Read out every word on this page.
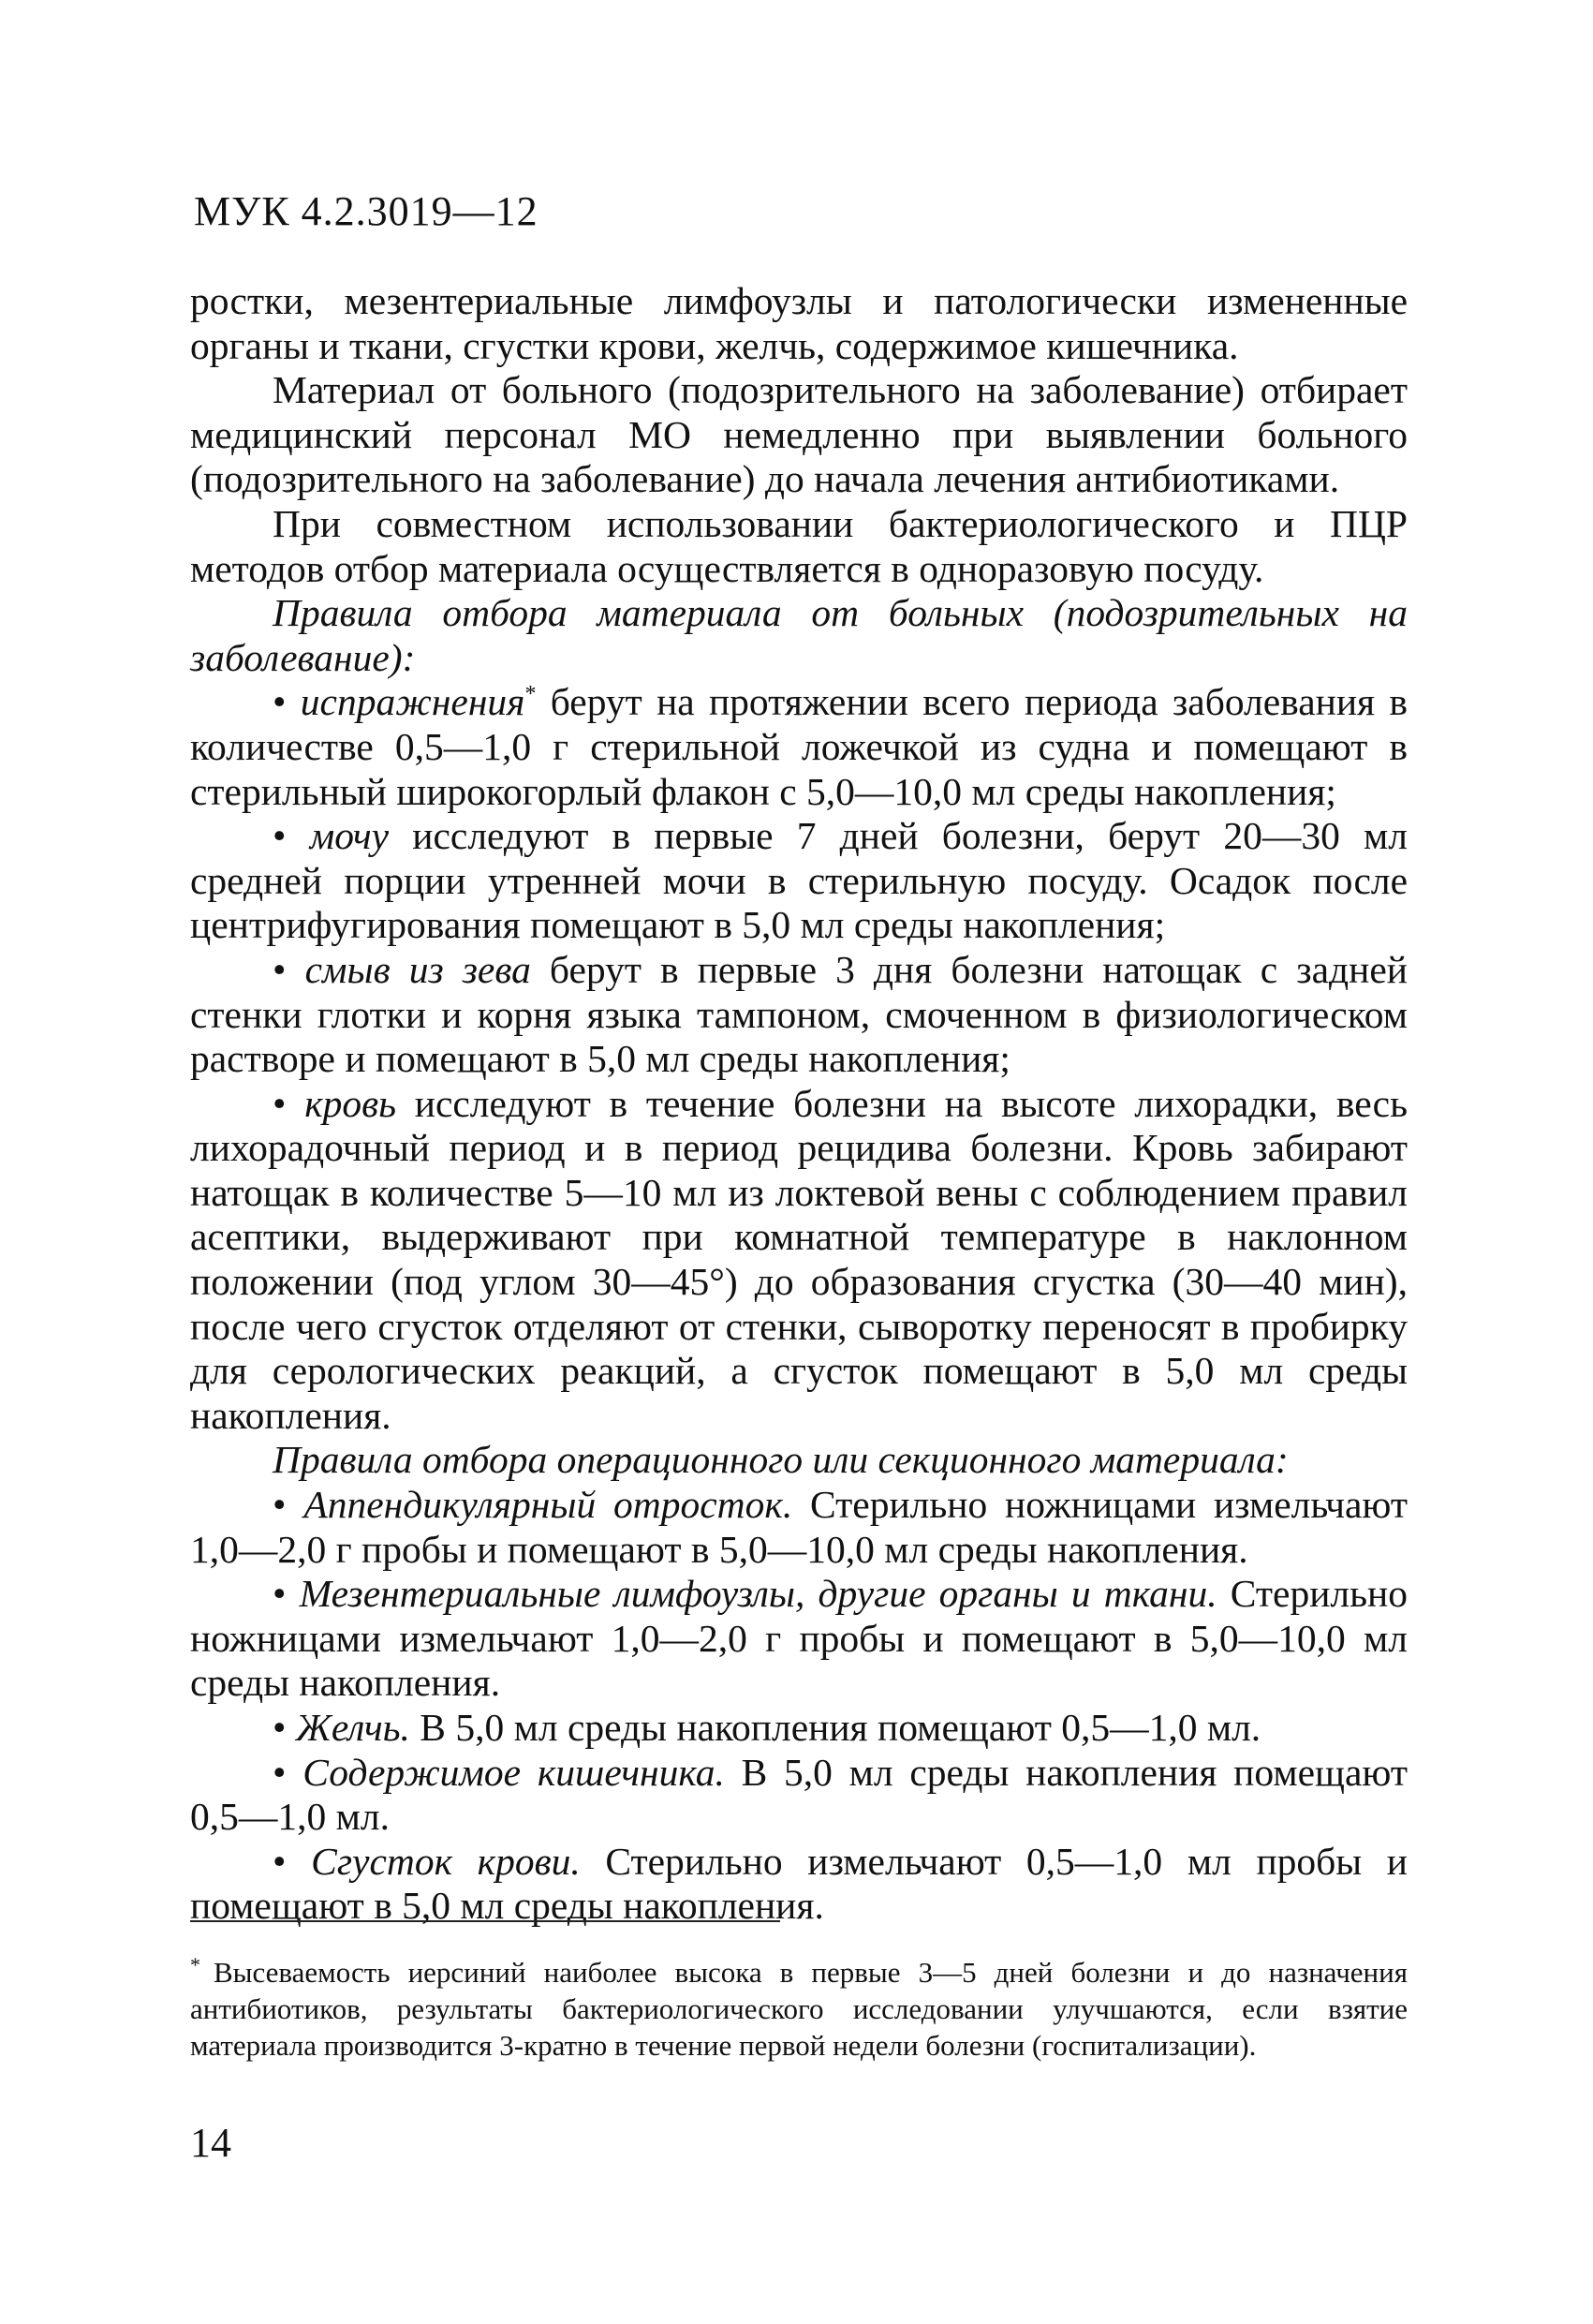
МУК 4.2.3019—12

ростки, мезентериальные лимфоузлы и патологически измененные органы и ткани, сгустки крови, желчь, содержимое кишечника.

Материал от больного (подозрительного на заболевание) отбирает медицинский персонал МО немедленно при выявлении больного (подозрительного на заболевание) до начала лечения антибиотиками.

При совместном использовании бактериологического и ПЦР методов отбор материала осуществляется в одноразовую посуду.

Правила отбора материала от больных (подозрительных на заболевание):

• испражнения* берут на протяжении всего периода заболевания в количестве 0,5—1,0 г стерильной ложечкой из судна и помещают в стерильный широкогорлый флакон с 5,0—10,0 мл среды накопления;

• мочу исследуют в первые 7 дней болезни, берут 20—30 мл средней порции утренней мочи в стерильную посуду. Осадок после центрифугирования помещают в 5,0 мл среды накопления;

• смыв из зева берут в первые 3 дня болезни натощак с задней стенки глотки и корня языка тампоном, смоченном в физиологическом растворе и помещают в 5,0 мл среды накопления;

• кровь исследуют в течение болезни на высоте лихорадки, весь лихорадочный период и в период рецидива болезни. Кровь забирают натощак в количестве 5—10 мл из локтевой вены с соблюдением правил асептики, выдерживают при комнатной температуре в наклонном положении (под углом 30—45°) до образования сгустка (30—40 мин), после чего сгусток отделяют от стенки, сыворотку переносят в пробирку для серологических реакций, а сгусток помещают в 5,0 мл среды накопления.

Правила отбора операционного или секционного материала:

• Аппендикулярный отросток. Стерильно ножницами измельчают 1,0—2,0 г пробы и помещают в 5,0—10,0 мл среды накопления.

• Мезентериальные лимфоузлы, другие органы и ткани. Стерильно ножницами измельчают 1,0—2,0 г пробы и помещают в 5,0—10,0 мл среды накопления.

• Желчь. В 5,0 мл среды накопления помещают 0,5—1,0 мл.

• Содержимое кишечника. В 5,0 мл среды накопления помещают 0,5—1,0 мл.

• Сгусток крови. Стерильно измельчают 0,5—1,0 мл пробы и помещают в 5,0 мл среды накопления.

* Высеваемость иерсиний наиболее высока в первые 3—5 дней болезни и до назначения антибиотиков, результаты бактериологического исследовании улучшаются, если взятие материала производится 3-кратно в течение первой недели болезни (госпитализации).
14
